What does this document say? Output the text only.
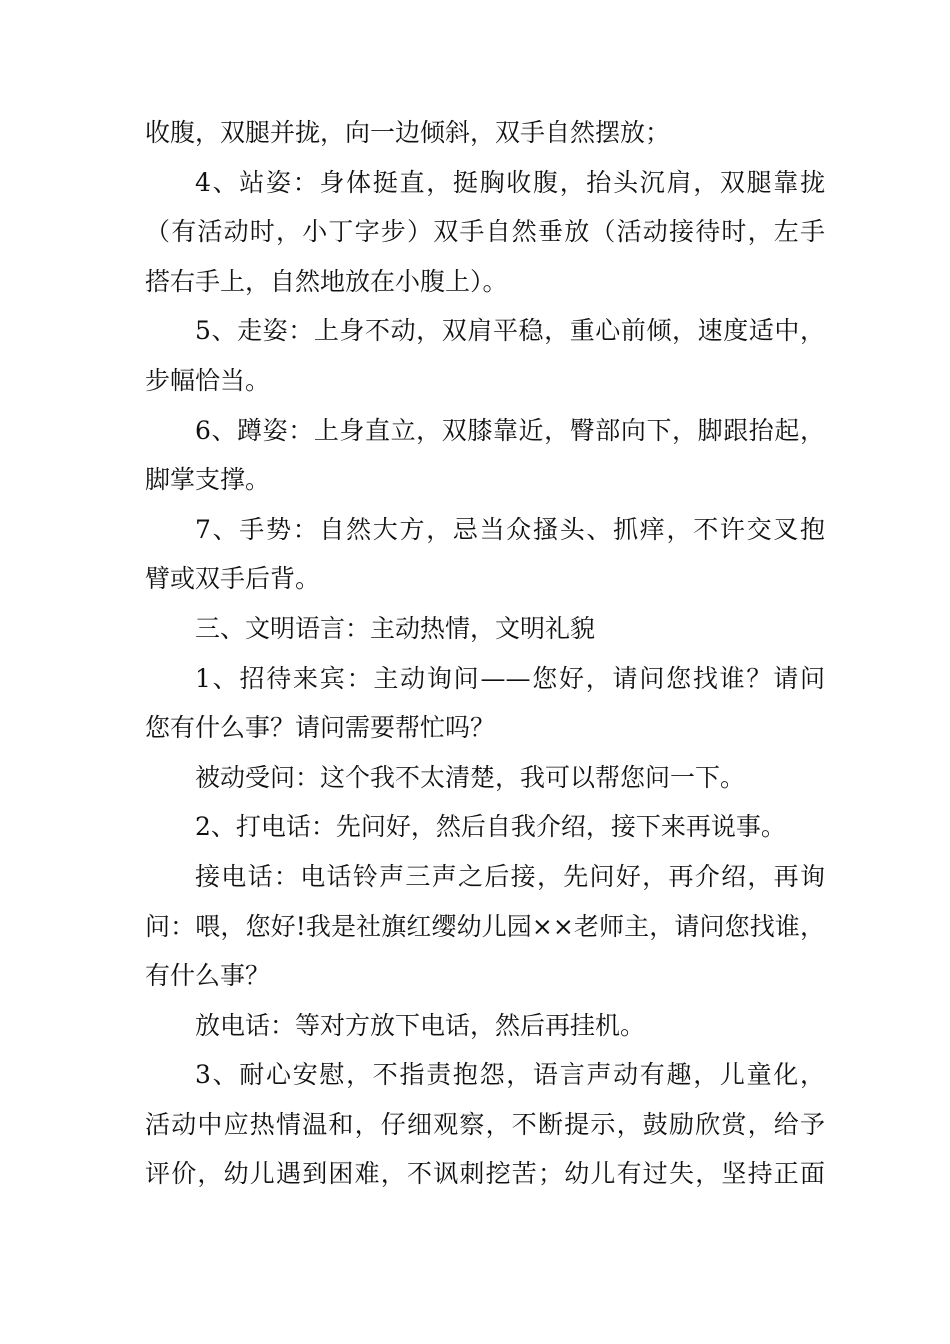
收腹，双腿并拢，向一边倾斜，双手自然摆放；
4、站姿：身体挺直，挺胸收腹，抬头沉肩，双腿靠拢
（有活动时，小丁字步）双手自然垂放（活动接待时，左手
搭右手上，自然地放在小腹上）。
5、走姿：上身不动，双肩平稳，重心前倾，速度适中，
步幅恰当。
6、蹲姿：上身直立，双膝靠近，臀部向下，脚跟抬起，
脚掌支撑。
7、手势：自然大方，忌当众搔头、抓痒，不许交叉抱
臂或双手后背。
三、文明语言：主动热情，文明礼貌
1、招待来宾：主动询问——您好，请问您找谁？请问
您有什么事？请问需要帮忙吗？
被动受问：这个我不太清楚，我可以帮您问一下。
2、打电话：先问好，然后自我介绍，接下来再说事。
接电话：电话铃声三声之后接，先问好，再介绍，再询
问：喂，您好!我是社旗红缨幼儿园××老师主，请问您找谁，
有什么事？
放电话：等对方放下电话，然后再挂机。
3、耐心安慰，不指责抱怨，语言声动有趣，儿童化，
活动中应热情温和，仔细观察，不断提示，鼓励欣赏，给予
评价，幼儿遇到困难，不讽刺挖苦；幼儿有过失，坚持正面
